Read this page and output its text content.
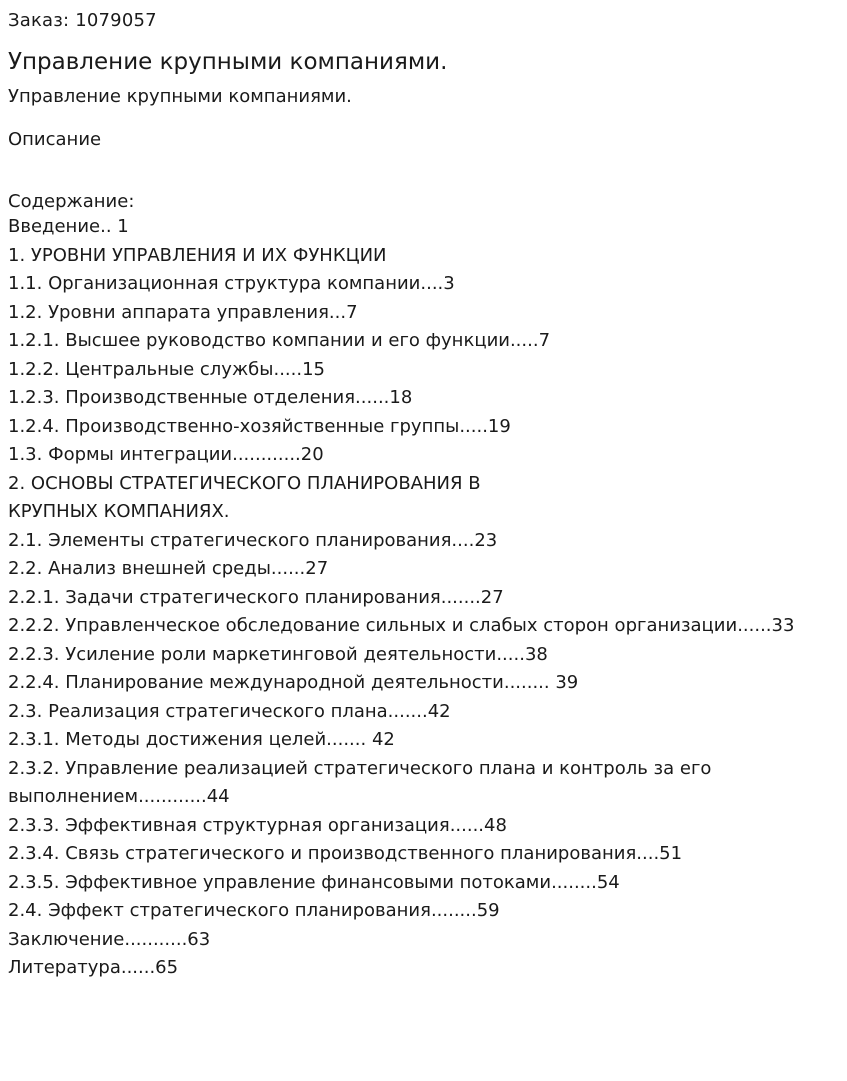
Заказ: 1079057

Управление крупными компаниями.

Управление крупными компаниями.

Описание

Содержание:

Введение.. 1
1. УРОВНИ УПРАВЛЕНИЯ И ИХ ФУНКЦИИ
1.1. Организационная структура компании....3
1.2. Уровни аппарата управления...7
1.2.1. Высшее руководство компании и его функции.....7
1.2.2. Центральные службы.....15
1.2.3. Производственные отделения......18
1.2.4. Производственно-хозяйственные группы.....19
1.3. Формы интеграции............20
2. ОСНОВЫ СТРАТЕГИЧЕСКОГО ПЛАНИРОВАНИЯ В
КРУПНЫХ КОМПАНИЯХ.
2.1. Элементы стратегического планирования....23
2.2. Анализ внешней среды......27
2.2.1. Задачи стратегического планирования.......27
2.2.2. Управленческое обследование сильных и слабых сторон организации......33
2.2.3. Усиление роли маркетинговой деятельности.....38
2.2.4. Планирование международной деятельности........ 39
2.3. Реализация стратегического плана.......42
2.3.1. Методы достижения целей....... 42
2.3.2. Управление реализацией стратегического плана и контроль за его
выполнением............44
2.3.3. Эффективная структурная организация......48
2.3.4. Связь стратегического и производственного планирования....51
2.3.5. Эффективное управление финансовыми потоками........54
2.4. Эффект стратегического планирования........59
Заключение...........63
Литература......65
